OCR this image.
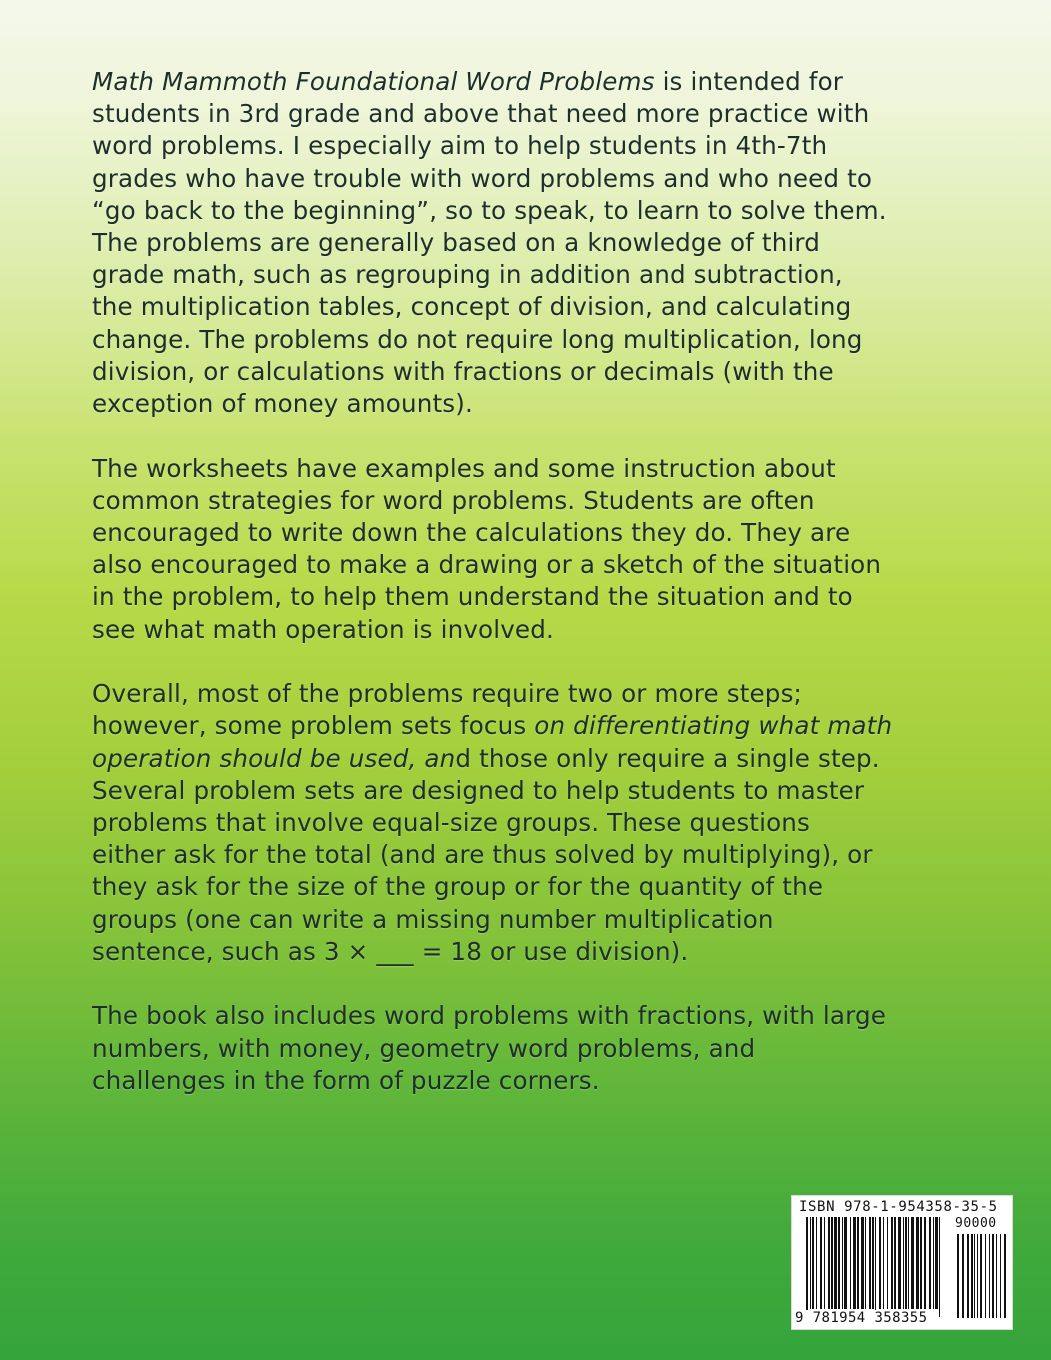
Math Mammoth Foundational Word Problems is intended for
students in 3rd grade and above that need more practice with
word problems. I especially aim to help students in 4th-7th
grades who have trouble with word problems and who need to
“go back to the beginning”, so to speak, to learn to solve them.
The problems are generally based on a knowledge of third
grade math, such as regrouping in addition and subtraction,
the multiplication tables, concept of division, and calculating
change. The problems do not require long multiplication, long
division, or calculations with fractions or decimals (with the
exception of money amounts).

The worksheets have examples and some instruction about
common strategies for word problems. Students are often
encouraged to write down the calculations they do. They are
also encouraged to make a drawing or a sketch of the situation
in the problem, to help them understand the situation and to
see what math operation is involved.

Overall, most of the problems require two or more steps;
however, some problem sets focus on differentiating what math
operation should be used, and those only require a single step.
Several problem sets are designed to help students to master
problems that involve equal-size groups. These questions
either ask for the total (and are thus solved by multiplying), or
they ask for the size of the group or for the quantity of the
groups (one can write a missing number multiplication
sentence, such as 3 × ___ = 18 or use division).

The book also includes word problems with fractions, with large
numbers, with money, geometry word problems, and
challenges in the form of puzzle corners.

ISBN 978-1-954358-35-5
90000
9 781954 358355
